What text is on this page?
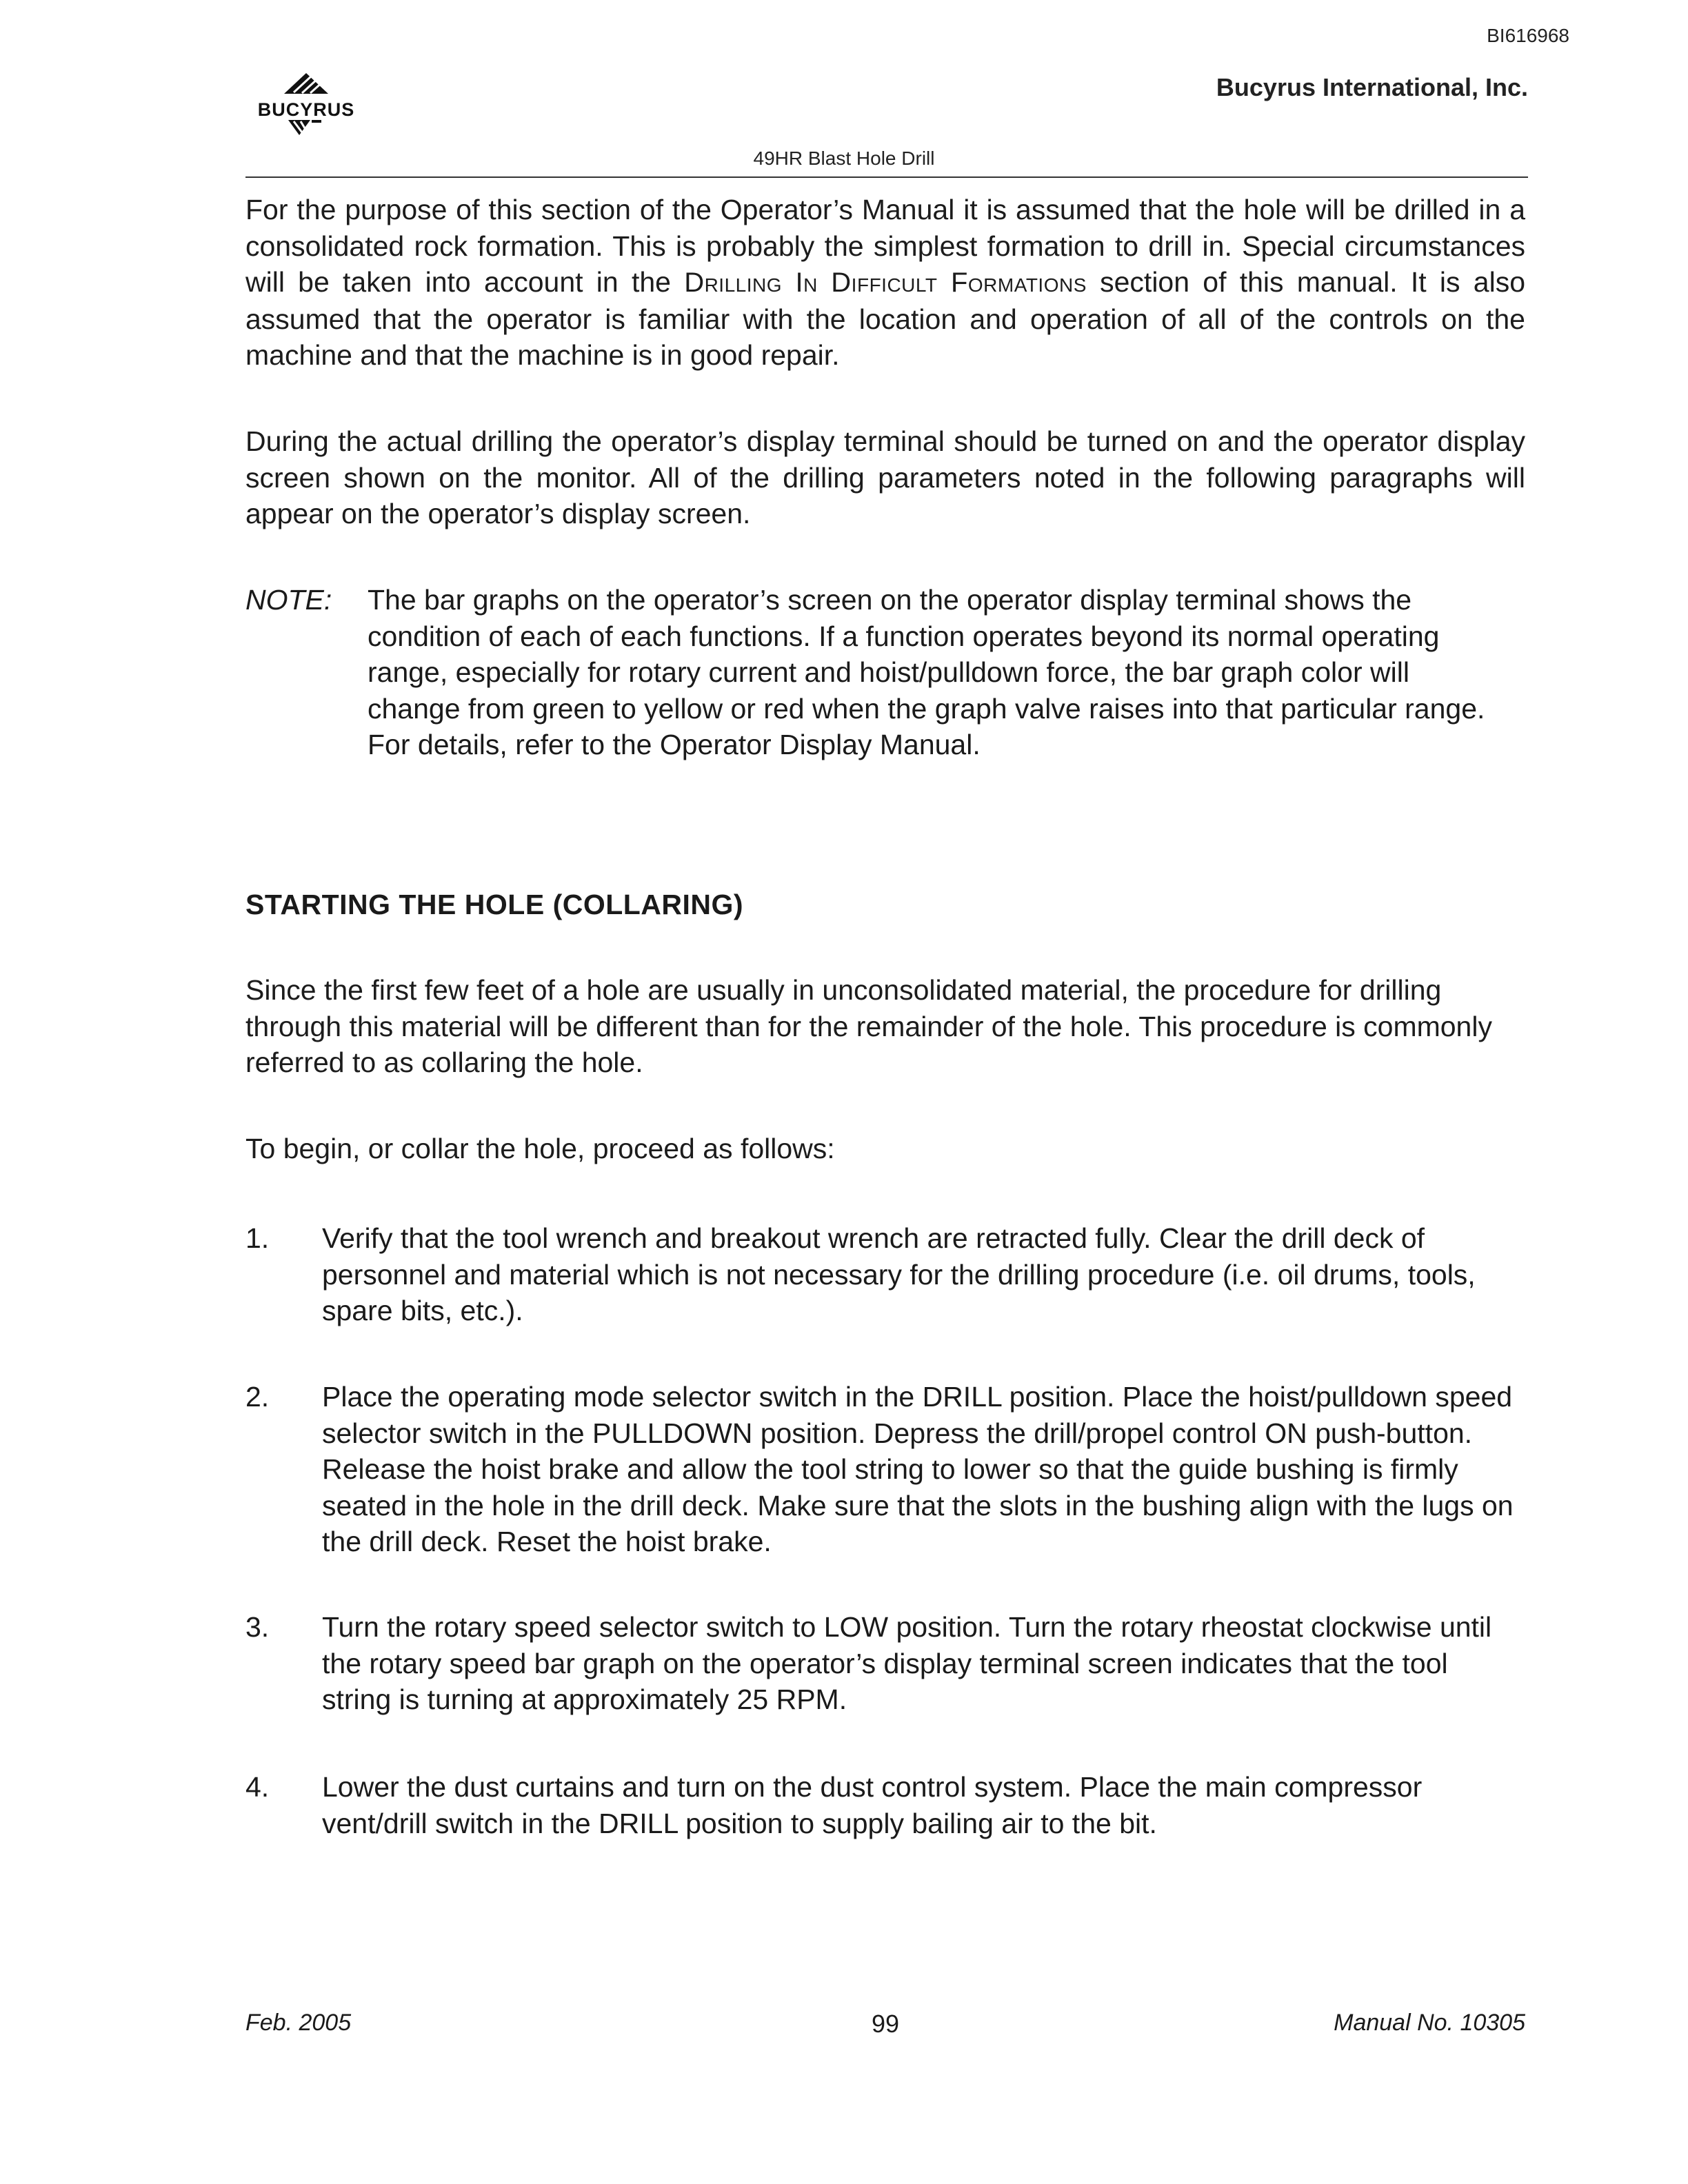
BI616968
BUCYRUS
Bucyrus International, Inc.
49HR Blast Hole Drill

For the purpose of this section of the Operator’s Manual it is assumed that the hole will be drilled in a consolidated rock formation. This is probably the simplest formation to drill in. Special circumstances will be taken into account in the Drilling In Difficult Formations section of this manual. It is also assumed that the operator is familiar with the location and operation of all of the controls on the machine and that the machine is in good repair.

During the actual drilling the operator’s display terminal should be turned on and the operator display screen shown on the monitor. All of the drilling parameters noted in the following paragraphs will appear on the operator’s display screen.

NOTE: The bar graphs on the operator’s screen on the operator display terminal shows the condition of each of each functions. If a function operates beyond its normal operating range, especially for rotary current and hoist/pulldown force, the bar graph color will change from green to yellow or red when the graph valve raises into that particular range. For details, refer to the Operator Display Manual.
STARTING THE HOLE (COLLARING)

Since the first few feet of a hole are usually in unconsolidated material, the procedure for drilling through this material will be different than for the remainder of the hole. This procedure is commonly referred to as collaring the hole.

To begin, or collar the hole, proceed as follows:

1. Verify that the tool wrench and breakout wrench are retracted fully. Clear the drill deck of personnel and material which is not necessary for the drilling procedure (i.e. oil drums, tools, spare bits, etc.).
2. Place the operating mode selector switch in the DRILL position. Place the hoist/pulldown speed selector switch in the PULLDOWN position. Depress the drill/propel control ON push-button. Release the hoist brake and allow the tool string to lower so that the guide bushing is firmly seated in the hole in the drill deck. Make sure that the slots in the bushing align with the lugs on the drill deck. Reset the hoist brake.
3. Turn the rotary speed selector switch to LOW position. Turn the rotary rheostat clockwise until the rotary speed bar graph on the operator’s display terminal screen indicates that the tool string is turning at approximately 25 RPM.
4. Lower the dust curtains and turn on the dust control system. Place the main compressor vent/drill switch in the DRILL position to supply bailing air to the bit.
Feb. 2005	99	Manual No. 10305
